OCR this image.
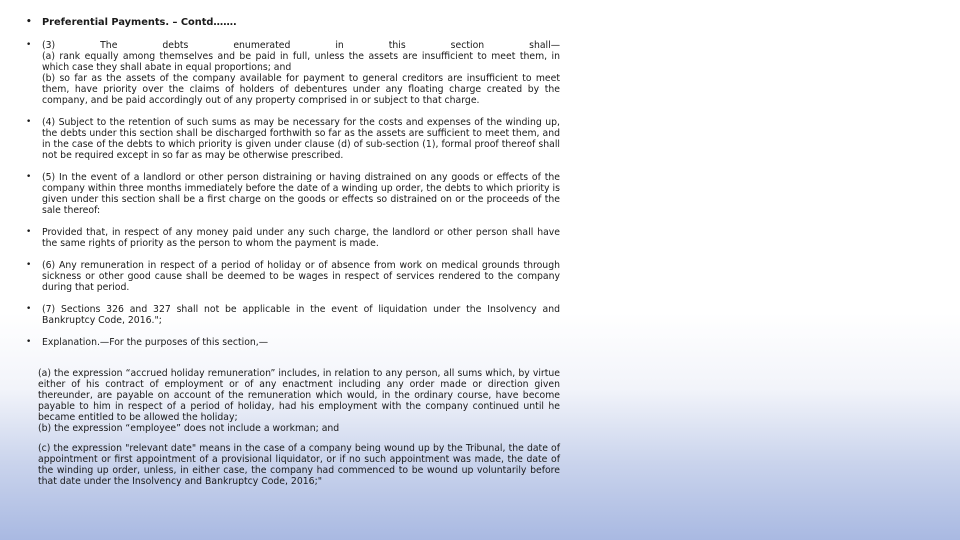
• Preferential Payments. – Contd…….

• (3) The debts enumerated in this section shall—

(a) rank equally among themselves and be paid in full, unless the assets are insufficient to meet them, in which case they shall abate in equal proportions; and

(b) so far as the assets of the company available for payment to general creditors are insufficient to meet them, have priority over the claims of holders of debentures under any floating charge created by the company, and be paid accordingly out of any property comprised in or subject to that charge.

• (4) Subject to the retention of such sums as may be necessary for the costs and expenses of the winding up, the debts under this section shall be discharged forthwith so far as the assets are sufficient to meet them, and in the case of the debts to which priority is given under clause (d) of sub-section (1), formal proof thereof shall not be required except in so far as may be otherwise prescribed.

• (5) In the event of a landlord or other person distraining or having distrained on any goods or effects of the company within three months immediately before the date of a winding up order, the debts to which priority is given under this section shall be a first charge on the goods or effects so distrained on or the proceeds of the sale thereof:

• Provided that, in respect of any money paid under any such charge, the landlord or other person shall have the same rights of priority as the person to whom the payment is made.

• (6) Any remuneration in respect of a period of holiday or of absence from work on medical grounds through sickness or other good cause shall be deemed to be wages in respect of services rendered to the company during that period.

• (7) Sections 326 and 327 shall not be applicable in the event of liquidation under the Insolvency and Bankruptcy Code, 2016.";

• Explanation.—For the purposes of this section,—

(a) the expression “accrued holiday remuneration” includes, in relation to any person, all sums which, by virtue either of his contract of employment or of any enactment including any order made or direction given thereunder, are payable on account of the remuneration which would, in the ordinary course, have become payable to him in respect of a period of holiday, had his employment with the company continued until he became entitled to be allowed the holiday;

(b) the expression “employee” does not include a workman; and

(c) the expression "relevant date" means in the case of a company being wound up by the Tribunal, the date of appointment or first appointment of a provisional liquidator, or if no such appointment was made, the date of the winding up order, unless, in either case, the company had commenced to be wound up voluntarily before that date under the Insolvency and Bankruptcy Code, 2016;"
